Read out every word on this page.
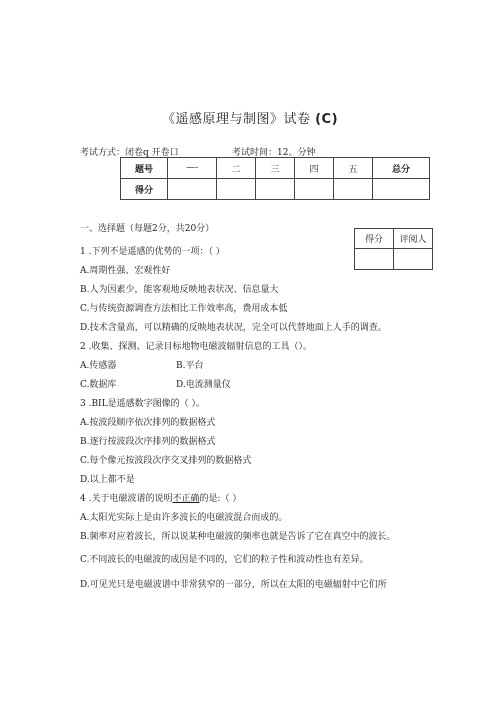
《遥感原理与制图》试卷 (C)
考试方式：闭卷q 开卷口	考试时间：12。分钟
题号	—-	二	三	四	五	总分
得分						
得分	评阅人

一、选择题（每题2分，共20分）
1 .下列不是遥感的优势的一项：（ ）
A.周期性强、宏观性好
B.人为因素少，能客观地反映地表状况、信息量大
C.与传统资源调查方法相比工作效率高，费用成本低
D.技术含量高，可以精确的反映地表状况，完全可以代替地面上人手的调查。
2 .收集、探测、记录目标地物电磁波辐射信息的工具（）。
A.传感器	B.平台
C.数据库	D.电流测量仪
3 .BIL是遥感数字图像的（ ）。
A.按波段顺序依次排列的数据格式
B.逐行按波段次序排列的数据格式
C.每个像元按波段次序交叉排列的数据格式
D.以上都不是
4 .关于电磁波谱的说明不正确的是:（ ）
A.太阳光实际上是由许多波长的电磁波混合而成的。
B.频率对应着波长，所以说某种电磁波的频率也就是告诉了它在真空中的波长。
C.不同波长的电磁波的成因是不同的，它们的粒子性和波动性也有差异。
D.可见光只是电磁波谱中非常狭窄的一部分，所以在太阳的电磁辐射中它们所
